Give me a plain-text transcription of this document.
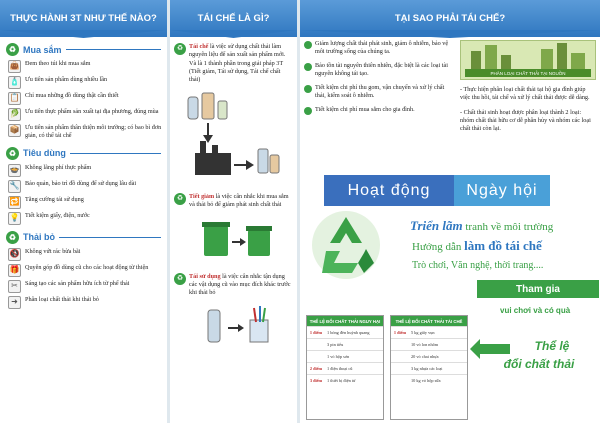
THỰC HÀNH 3T NHƯ THẾ NÀO?
♻ Mua sắm
👜 Đem theo túi khi mua sắm
🧴 Ưu tiên sản phẩm dùng nhiều lần
📋 Chỉ mua những đồ dùng thật cần thiết
🥬 Ưu tiên thực phẩm sản xuất tại địa phương, đúng mùa
📦 Ưu tiên sản phẩm thân thiện môi trường; có bao bì đơn giản, có thể tái chế
♻ Tiêu dùng
🍲 Không lãng phí thực phẩm
🔧 Bảo quản, bảo trì đồ dùng để sử dụng lâu dài
🔁 Tăng cường tái sử dụng
💡 Tiết kiệm giấy, điện, nước
♻ Thải bỏ
🚯 Không vứt rác bừa bãi
🎁 Quyên góp đồ dùng cũ cho các hoạt động từ thiện
✂	Sáng tạo các sản phẩm hữu ích từ phế thải
➜	Phân loại chất thải khi thải bỏ
TÁI CHẾ LÀ GÌ?
♻ Tái chế là việc sử dụng chất thải làm nguyên liệu để sản xuất sản phẩm mới. Và là 1 thành phần trong giải pháp 3T (Tiết giảm, Tái sử dụng, Tái chế chất thải)
♻ Tiết giảm là việc cân nhắc khi mua sắm và thải bỏ để giảm phát sinh chất thải
♻ Tái sử dụng là việc cân nhắc tận dụng các vật dụng cũ vào mục đích khác trước khi thải bỏ
TẠI SAO PHẢI TÁI CHẾ?
Giảm lượng chất thải phát sinh, giảm ô nhiễm, bảo vệ môi trường sống của chúng ta.
Bảo tồn tài nguyên thiên nhiên, đặc biệt là các loại tài nguyên không tái tạo.
Tiết kiệm chi phí thu gom, vận chuyển và xử lý chất thải, kiểm soát ô nhiễm.
Tiết kiệm chi phí mua sắm cho gia đình.
PHÂN LOẠI CHẤT THẢI TẠI NGUỒN
- Thực hiện phân loại chất thải tại hộ gia đình giúp việc thu hồi, tái chế và xử lý chất thải được dễ dàng.
- Chất thải sinh hoạt được phân loại thành 2 loại: nhóm chất thải hữu cơ dễ phân hủy và nhóm các loại chất thải còn lại.
Hoạt động	Ngày hội
Triển lãm tranh về môi trường
Hướng dẫn làm đồ tái chế
Trò chơi, Văn nghệ, thời trang....
Tham gia
vui chơi và có quà
Thể lệ
đổi chất thải
THỂ LỆ ĐỔI CHẤT THẢI NGUY HẠI
1 điểm	1 bóng đèn huỳnh quang
3 pin tiểu
1 vỏ hộp sơn
2 điểm	1 điện thoại cũ
3 điểm	1 thiết bị điện tử
THỂ LỆ ĐỔI CHẤT THẢI TÁI CHẾ
1 điểm	5 kg giấy vụn
10 vỏ lon nhôm
20 vỏ chai nhựa
3 kg nhựa các loại
10 kg vỏ hộp sữa
